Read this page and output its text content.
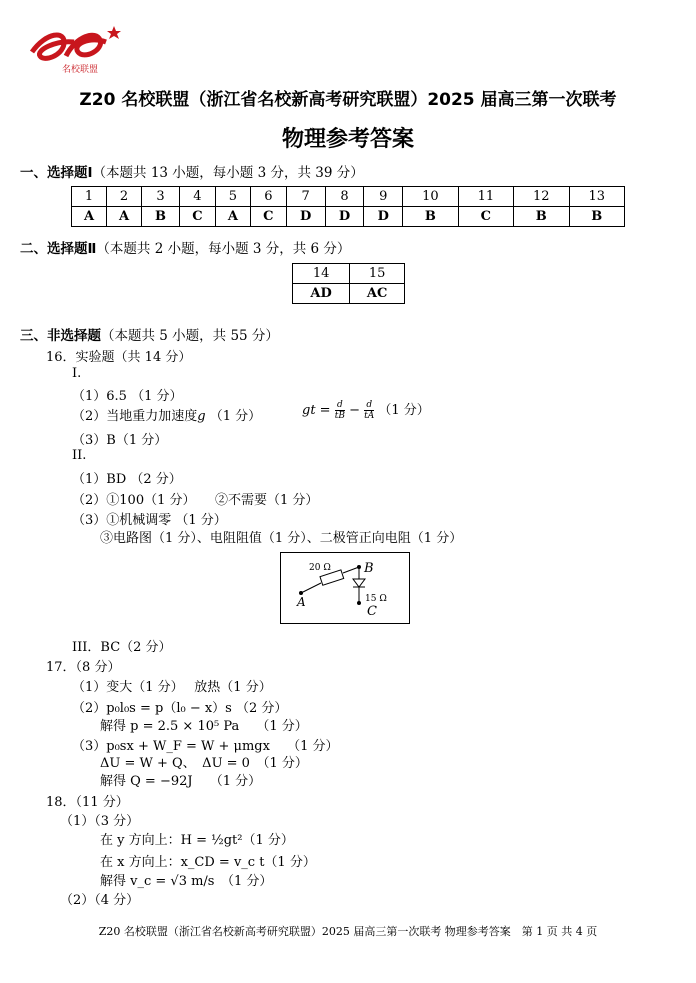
名校联盟
Z20 名校联盟（浙江省名校新高考研究联盟）2025 届高三第一次联考
物理参考答案
一、选择题Ⅰ（本题共 13 小题，每小题 3 分，共 39 分）
1	2	3	4	5	6	7	8	9	10	11	12	13
A	A	B	C	A	C	D	D	D	B	C	B	B
二、选择题Ⅱ（本题共 2 小题，每小题 3 分，共 6 分）
14	15
AD	AC
三、非选择题（本题共 5 小题，共 55 分）
16．实验题（共 14 分）
I.
（1）6.5 （1 分）
（2）当地重力加速度g （1 分）	gt = $\frac{d}{tB} - \frac{d}{tA} (1$ 分）
（3）B（1 分）
II.
（1）BD （2 分）
（2）①100（1 分）　　②不需要（1 分）
（3）①机械调零 （1 分）
③电路图（1 分）、电阻阻值（1 分）、二极管正向电阻（1 分）
20 Ω	B
A	15 Ω
C
III．BC（2 分）
17．（8 分）
（1）变大（1 分）　 放热（1 分）
（2）p₀l₀s = p（l₀ − x）s （2 分）
解得 p = 2.5 × 10⁵ Pa　 （1 分）
（3）p₀sx + W_F = W + μmgx　 （1 分）
ΔU = W + Q、　ΔU = 0　（1 分）
解得 Q = −92J　 （1 分）
18．（11 分）
（1）（3 分）
在 y 方向上：H = ½gt²（1 分）
在 x 方向上：x_CD = v_c t（1 分）
解得 v_c = √3 m/s　（1 分）
（2）（4 分）
Z20 名校联盟（浙江省名校新高考研究联盟）2025 届高三第一次联考 物理参考答案　第 1 页 共 4 页
